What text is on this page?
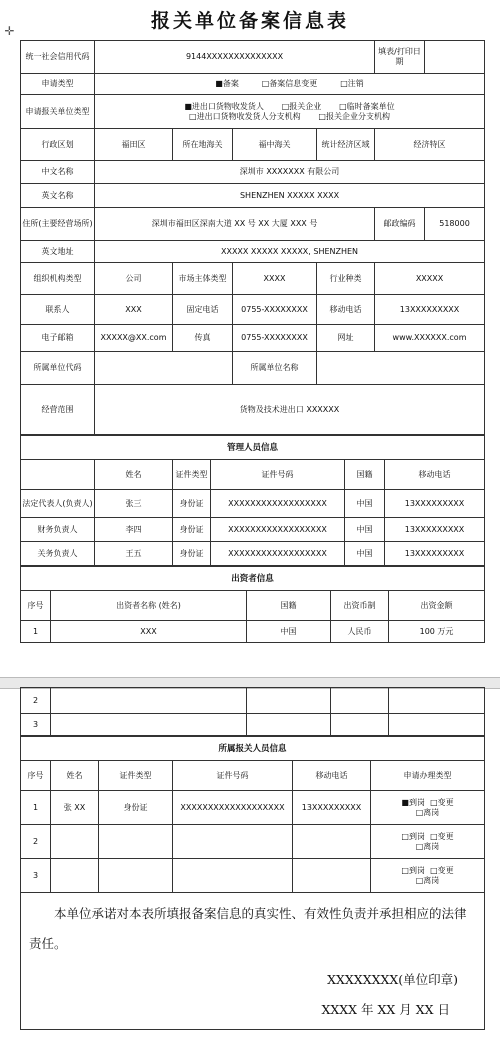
报关单位备案信息表
✛
统一社会信用代码	9144XXXXXXXXXXXXXX				填表/打印日期	
申请类型	■备案 □备案信息变更 □注销					
申请报关单位类型	■进出口货物收发货人 □报关企业 □临时备案单位
□进出口货物收发货人分支机构 □报关企业分支机构					
行政区划	福田区	所在地海关	福中海关	统计经济区域	经济特区	
中文名称	深圳市 XXXXXXX 有限公司					
英文名称	SHENZHEN XXXXX XXXX					
住所(主要经营场所)	深圳市福田区深南大道 XX 号 XX 大厦 XXX 号				邮政编码	518000
英文地址	XXXXX XXXXX XXXXX, SHENZHEN					
组织机构类型	公司	市场主体类型	XXXX	行业种类	XXXXX	
联系人	XXX	固定电话	0755-XXXXXXXX	移动电话	13XXXXXXXXX	
电子邮箱	XXXXX@XX.com	传真	0755-XXXXXXXX	网址	www.XXXXXX.com	
所属单位代码			所属单位名称			
经营范围	货物及技术进出口 XXXXXX					
管理人员信息					
	姓名	证件类型	证件号码	国籍	移动电话
法定代表人(负责人)	张三	身份证	XXXXXXXXXXXXXXXXXX	中国	13XXXXXXXXX
财务负责人	李四	身份证	XXXXXXXXXXXXXXXXXX	中国	13XXXXXXXXX
关务负责人	王五	身份证	XXXXXXXXXXXXXXXXXX	中国	13XXXXXXXXX
出资者信息				
序号	出资者名称 (姓名)	国籍	出资币制	出资金额
1	XXX	中国	人民币	100 万元
2				
3				
所属报关人员信息					
序号	姓名	证件类型	证件号码	移动电话	申请办理类型
1	张 XX	身份证	XXXXXXXXXXXXXXXXXXX	13XXXXXXXXX	■到岗 □变更
□离岗
2					□到岗 □变更
□离岗
3					□到岗 □变更
□离岗

本单位承诺对本表所填报备案信息的真实性、有效性负责并承担相应的法律责任。
XXXXXXXX(单位印章)
XXXX 年 XX 月 XX 日					
